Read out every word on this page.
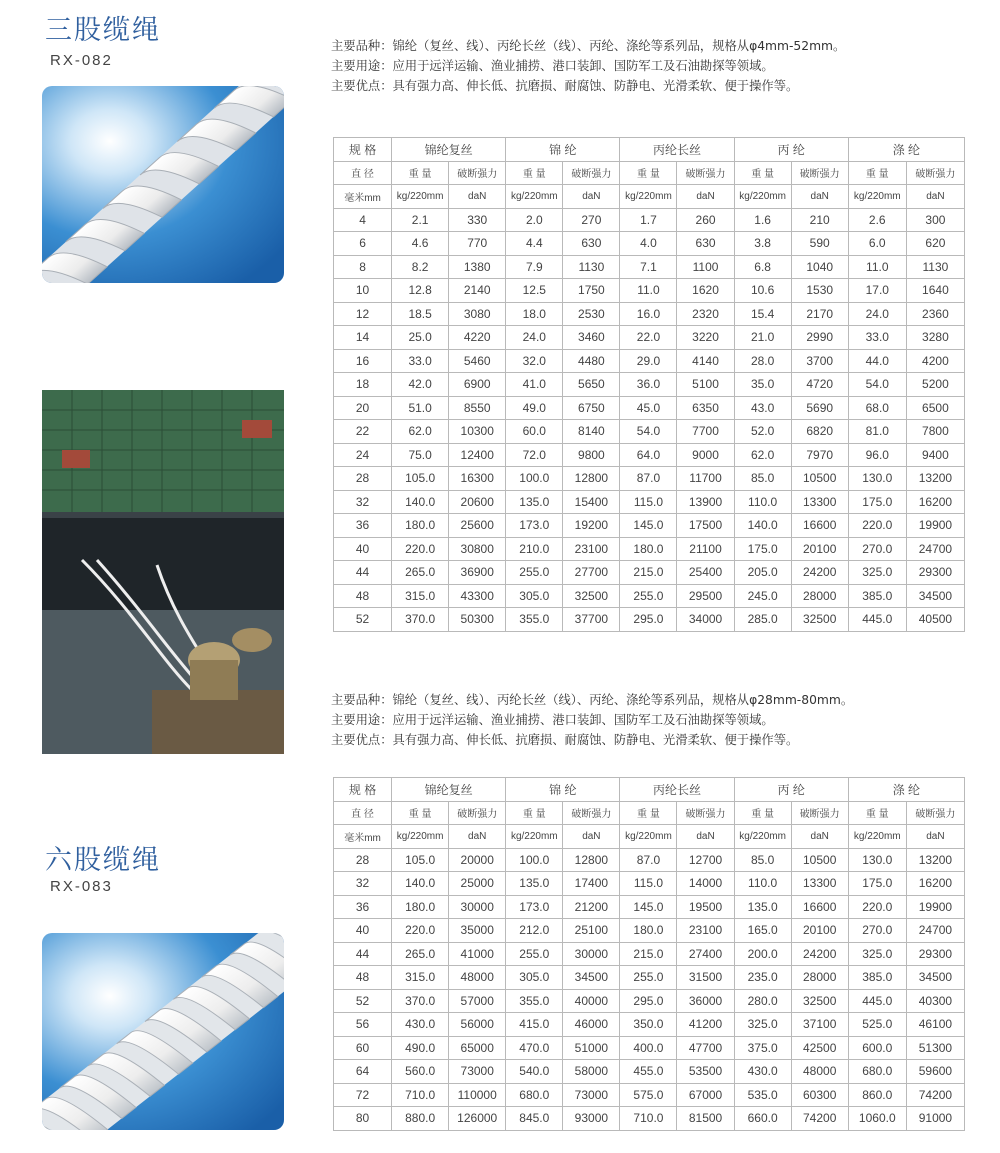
三股缆绳
RX-082
主要品种：锦纶（复丝、线）、丙纶长丝（线）、丙纶、涤纶等系列品，规格从φ4mm-52mm。
主要用途：应用于远洋运输、渔业捕捞、港口装卸、国防军工及石油勘探等领域。
主要优点：具有强力高、伸长低、抗磨损、耐腐蚀、防静电、光滑柔软、便于操作等。
规 格	锦纶复丝		锦 纶		丙纶长丝		丙 纶		涤 纶	
直 径	重 量	破断强力	重 量	破断强力	重 量	破断强力	重 量	破断强力	重 量	破断强力
毫米mm	kg/220mm	daN	kg/220mm	daN	kg/220mm	daN	kg/220mm	daN	kg/220mm	daN
4	2.1	330	2.0	270	1.7	260	1.6	210	2.6	300
6	4.6	770	4.4	630	4.0	630	3.8	590	6.0	620
8	8.2	1380	7.9	1130	7.1	1100	6.8	1040	11.0	1130
10	12.8	2140	12.5	1750	11.0	1620	10.6	1530	17.0	1640
12	18.5	3080	18.0	2530	16.0	2320	15.4	2170	24.0	2360
14	25.0	4220	24.0	3460	22.0	3220	21.0	2990	33.0	3280
16	33.0	5460	32.0	4480	29.0	4140	28.0	3700	44.0	4200
18	42.0	6900	41.0	5650	36.0	5100	35.0	4720	54.0	5200
20	51.0	8550	49.0	6750	45.0	6350	43.0	5690	68.0	6500
22	62.0	10300	60.0	8140	54.0	7700	52.0	6820	81.0	7800
24	75.0	12400	72.0	9800	64.0	9000	62.0	7970	96.0	9400
28	105.0	16300	100.0	12800	87.0	11700	85.0	10500	130.0	13200
32	140.0	20600	135.0	15400	115.0	13900	110.0	13300	175.0	16200
36	180.0	25600	173.0	19200	145.0	17500	140.0	16600	220.0	19900
40	220.0	30800	210.0	23100	180.0	21100	175.0	20100	270.0	24700
44	265.0	36900	255.0	27700	215.0	25400	205.0	24200	325.0	29300
48	315.0	43300	305.0	32500	255.0	29500	245.0	28000	385.0	34500
52	370.0	50300	355.0	37700	295.0	34000	285.0	32500	445.0	40500
主要品种：锦纶（复丝、线）、丙纶长丝（线）、丙纶、涤纶等系列品，规格从φ28mm-80mm。
主要用途：应用于远洋运输、渔业捕捞、港口装卸、国防军工及石油勘探等领域。
主要优点：具有强力高、伸长低、抗磨损、耐腐蚀、防静电、光滑柔软、便于操作等。
六股缆绳
RX-083
规 格	锦纶复丝		锦 纶		丙纶长丝		丙 纶		涤 纶	
直 径	重 量	破断强力	重 量	破断强力	重 量	破断强力	重 量	破断强力	重 量	破断强力
毫米mm	kg/220mm	daN	kg/220mm	daN	kg/220mm	daN	kg/220mm	daN	kg/220mm	daN
28	105.0	20000	100.0	12800	87.0	12700	85.0	10500	130.0	13200
32	140.0	25000	135.0	17400	115.0	14000	110.0	13300	175.0	16200
36	180.0	30000	173.0	21200	145.0	19500	135.0	16600	220.0	19900
40	220.0	35000	212.0	25100	180.0	23100	165.0	20100	270.0	24700
44	265.0	41000	255.0	30000	215.0	27400	200.0	24200	325.0	29300
48	315.0	48000	305.0	34500	255.0	31500	235.0	28000	385.0	34500
52	370.0	57000	355.0	40000	295.0	36000	280.0	32500	445.0	40300
56	430.0	56000	415.0	46000	350.0	41200	325.0	37100	525.0	46100
60	490.0	65000	470.0	51000	400.0	47700	375.0	42500	600.0	51300
64	560.0	73000	540.0	58000	455.0	53500	430.0	48000	680.0	59600
72	710.0	110000	680.0	73000	575.0	67000	535.0	60300	860.0	74200
80	880.0	126000	845.0	93000	710.0	81500	660.0	74200	1060.0	91000
